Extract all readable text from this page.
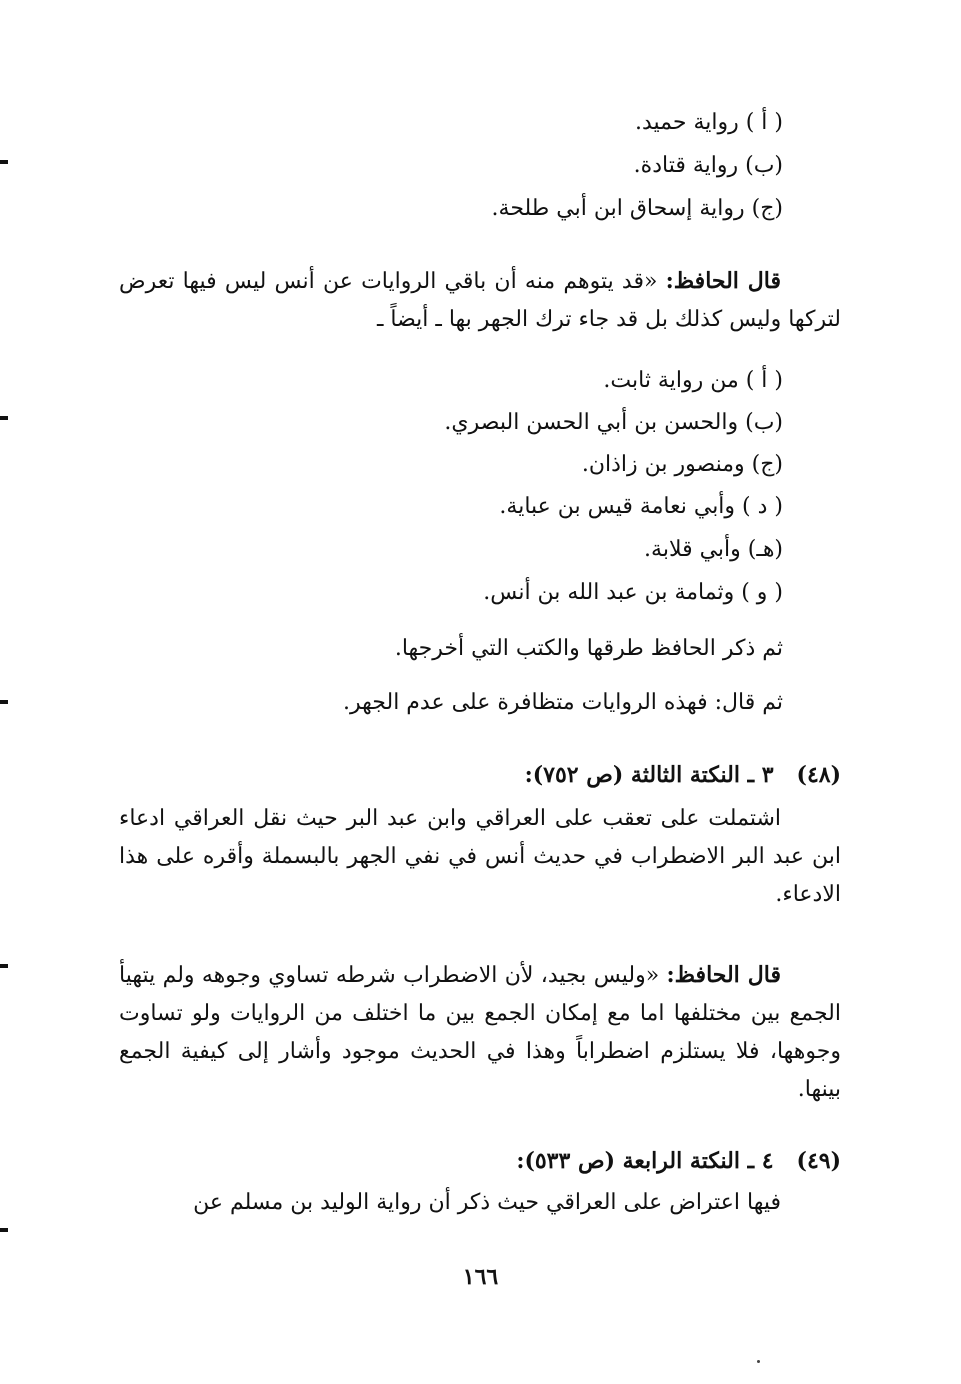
( أ ) رواية حميد.
(ب) رواية قتادة.
(ج) رواية إسحاق ابن أبي طلحة.
قال الحافظ: «قد يتوهم منه أن باقي الروايات عن أنس ليس فيها تعرض لتركها وليس كذلك بل قد جاء ترك الجهر بها ـ أيضاً ـ
( أ ) من رواية ثابت.
(ب) والحسن بن أبي الحسن البصري.
(ج) ومنصور بن زاذان.
( د ) وأبي نعامة قيس بن عباية.
(هـ) وأبي قلابة.
( و ) وثمامة بن عبد الله بن أنس.
ثم ذكر الحافظ طرقها والكتب التي أخرجها.
ثم قال: فهذه الروايات متظافرة على عدم الجهر.
(٤٨)   ٣ ـ النكتة الثالثة (ص ٧٥٢):
اشتملت على تعقب على العراقي وابن عبد البر حيث نقل العراقي ادعاء ابن عبد البر الاضطراب في حديث أنس في نفي الجهر بالبسملة وأقره على هذا الادعاء.
قال الحافظ: «وليس بجيد، لأن الاضطراب شرطه تساوي وجوهه ولم يتهيأ الجمع بين مختلفها اما مع إمكان الجمع بين ما اختلف من الروايات ولو تساوت وجوهها، فلا يستلزم اضطراباً وهذا في الحديث موجود وأشار إلى كيفية الجمع بينها.
(٤٩)   ٤ ـ النكتة الرابعة (ص ٥٣٣):
فيها اعتراض على العراقي حيث ذكر أن رواية الوليد بن مسلم عن
١٦٦
